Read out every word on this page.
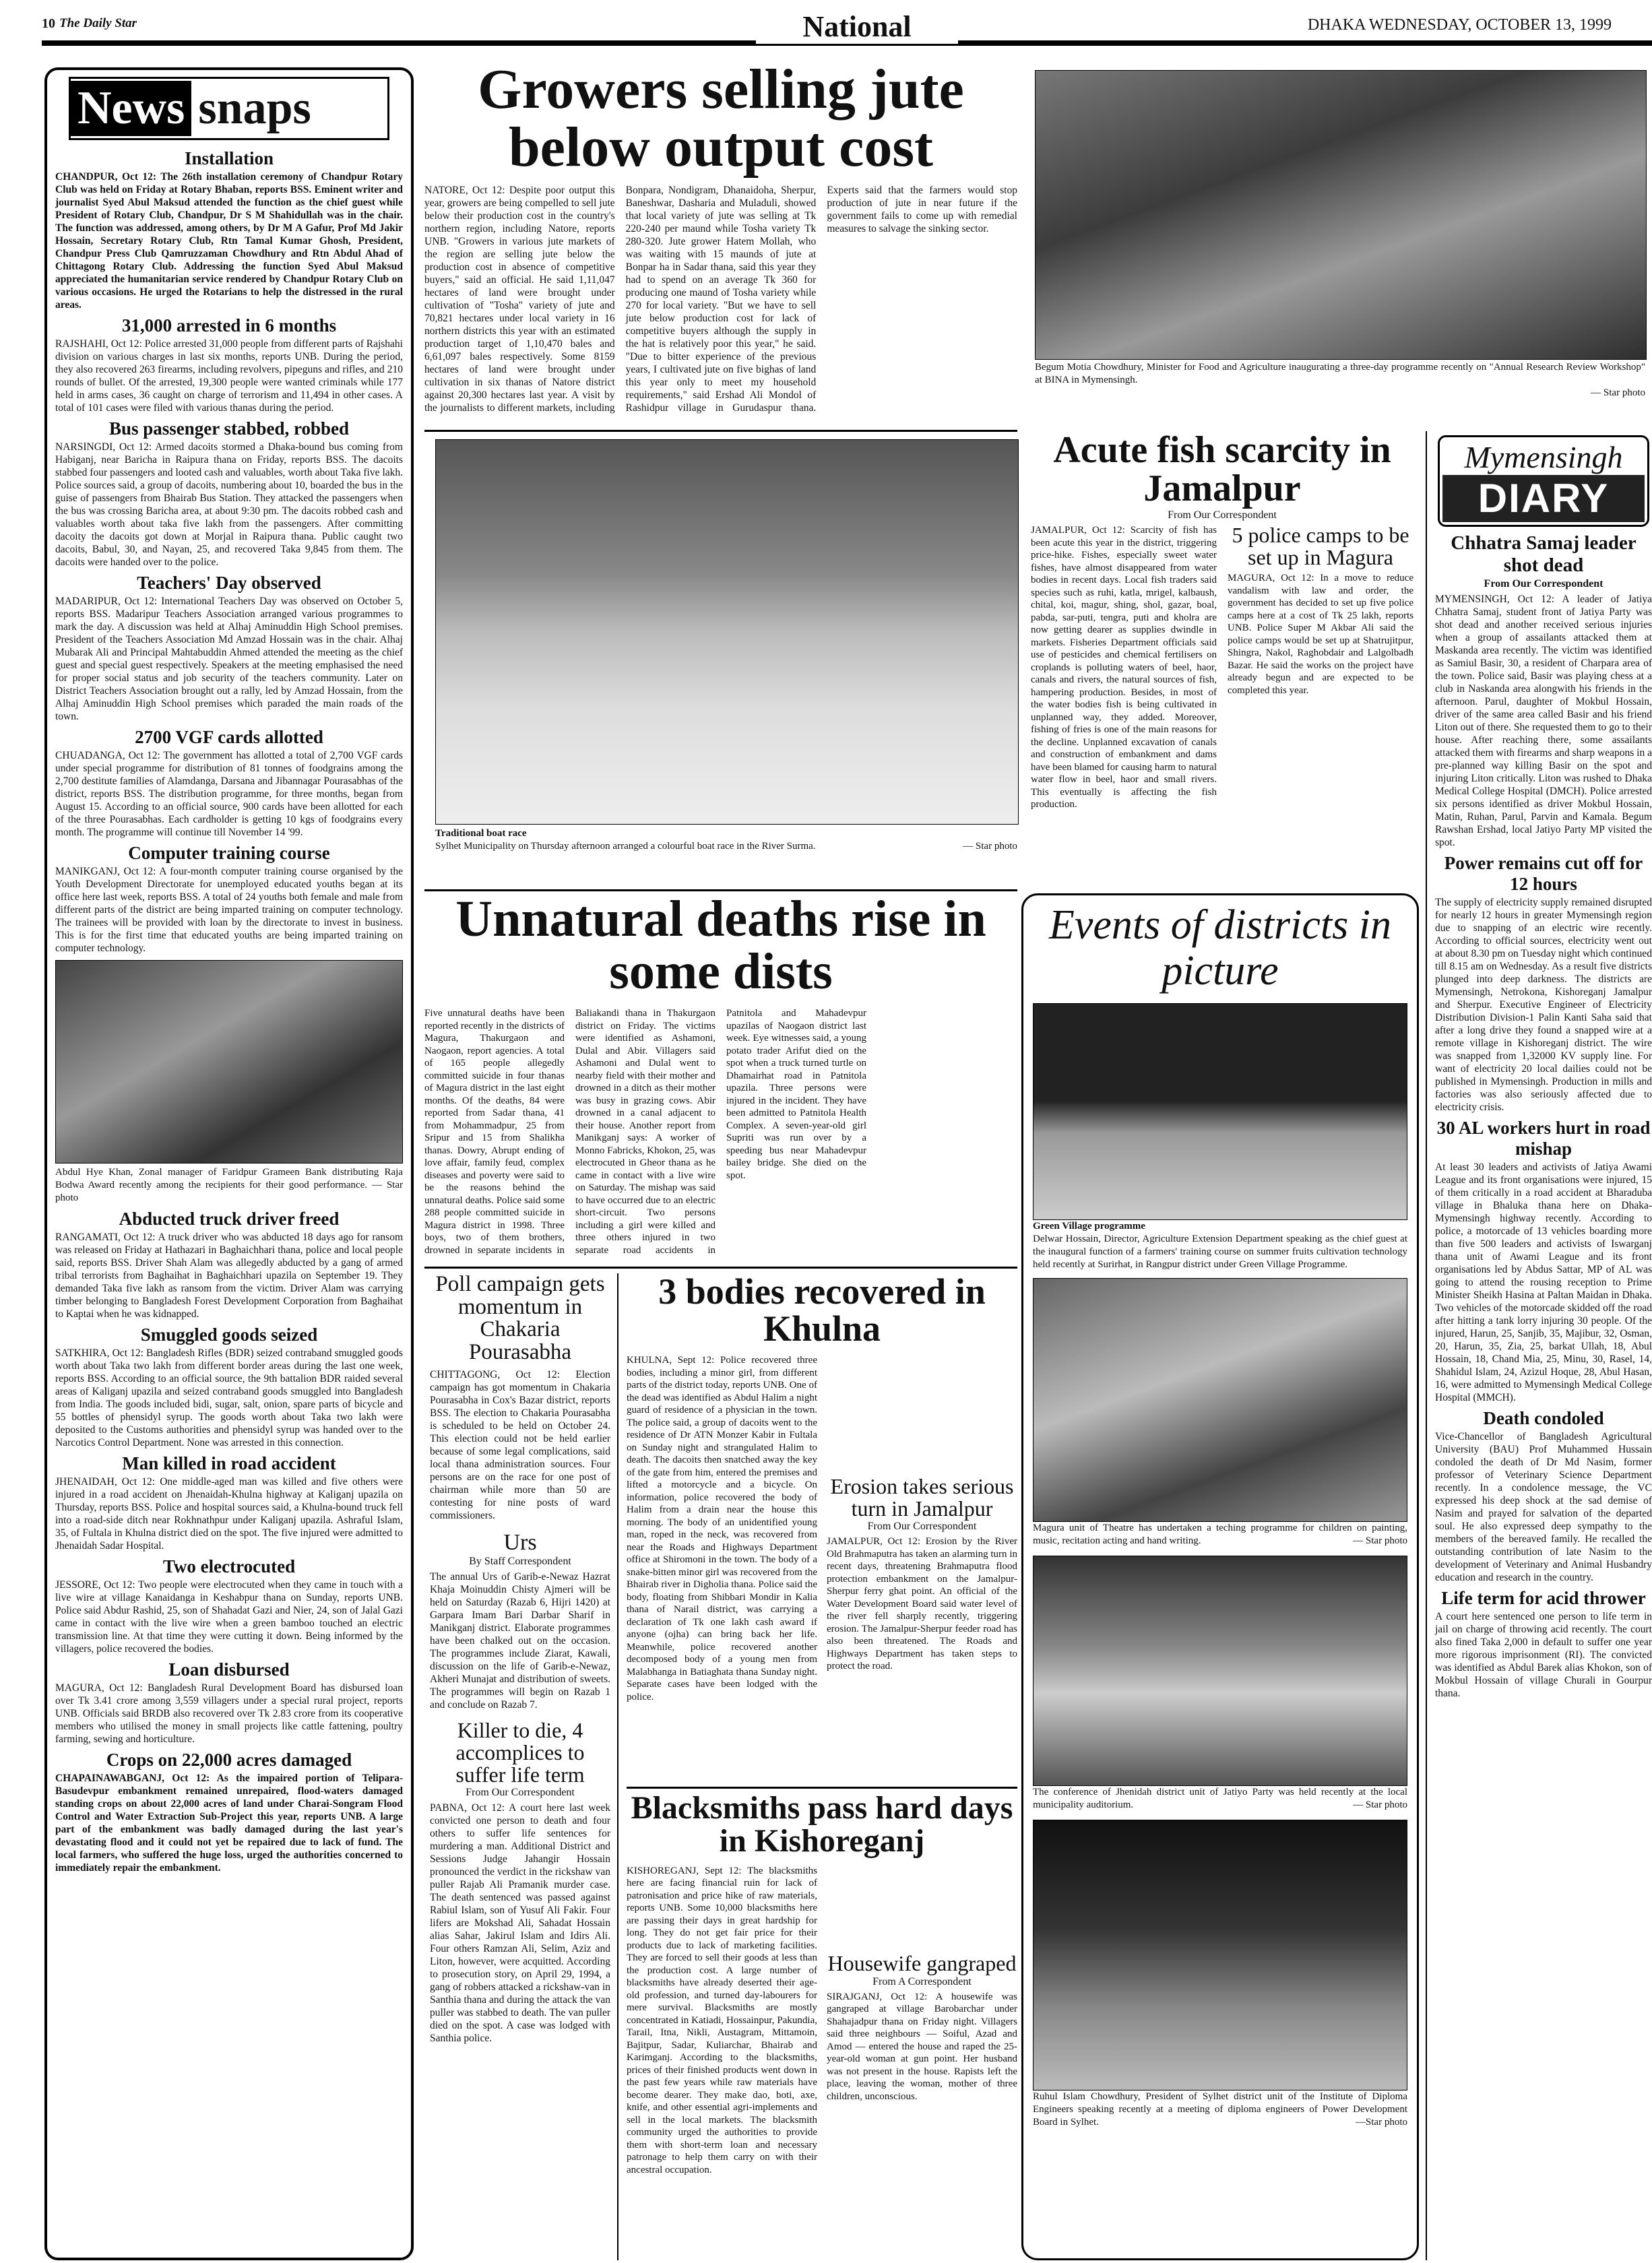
10 The Daily Star	National	DHAKA WEDNESDAY, OCTOBER 13, 1999
News snaps
Installation
CHANDPUR, Oct 12: The 26th installation ceremony of Chandpur Rotary Club was held on Friday at Rotary Bhaban, reports BSS. Eminent writer and journalist Syed Abul Maksud attended the function as the chief guest while President of Rotary Club, Chandpur, Dr S M Shahidullah was in the chair. The function was addressed, among others, by Dr M A Gafur, Prof Md Jakir Hossain, Secretary Rotary Club, Rtn Tamal Kumar Ghosh, President, Chandpur Press Club Qamruzzaman Chowdhury and Rtn Abdul Ahad of Chittagong Rotary Club. Addressing the function Syed Abul Maksud appreciated the humanitarian service rendered by Chandpur Rotary Club on various occasions. He urged the Rotarians to help the distressed in the rural areas.
31,000 arrested in 6 months
RAJSHAHI, Oct 12: Police arrested 31,000 people from different parts of Rajshahi division on various charges in last six months, reports UNB. During the period, they also recovered 263 firearms, including revolvers, pipeguns and rifles, and 210 rounds of bullet. Of the arrested, 19,300 people were wanted criminals while 177 held in arms cases, 36 caught on charge of terrorism and 11,494 in other cases. A total of 101 cases were filed with various thanas during the period.
Bus passenger stabbed, robbed
NARSINGDI, Oct 12: Armed dacoits stormed a Dhaka-bound bus coming from Habiganj, near Baricha in Raipura thana on Friday, reports BSS. The dacoits stabbed four passengers and looted cash and valuables, worth about Taka five lakh. Police sources said, a group of dacoits, numbering about 10, boarded the bus in the guise of passengers from Bhairab Bus Station. They attacked the passengers when the bus was crossing Baricha area, at about 9:30 pm. The dacoits robbed cash and valuables worth about taka five lakh from the passengers. After committing dacoity the dacoits got down at Morjal in Raipura thana. Public caught two dacoits, Babul, 30, and Nayan, 25, and recovered Taka 9,845 from them. The dacoits were handed over to the police.
Teachers' Day observed
MADARIPUR, Oct 12: International Teachers Day was observed on October 5, reports BSS. Madaripur Teachers Association arranged various programmes to mark the day. A discussion was held at Alhaj Aminuddin High School premises. President of the Teachers Association Md Amzad Hossain was in the chair. Alhaj Mubarak Ali and Principal Mahtabuddin Ahmed attended the meeting as the chief guest and special guest respectively. Speakers at the meeting emphasised the need for proper social status and job security of the teachers community. Later on District Teachers Association brought out a rally, led by Amzad Hossain, from the Alhaj Aminuddin High School premises which paraded the main roads of the town.
2700 VGF cards allotted
CHUADANGA, Oct 12: The government has allotted a total of 2,700 VGF cards under special programme for distribution of 81 tonnes of foodgrains among the 2,700 destitute families of Alamdanga, Darsana and Jibannagar Pourasabhas of the district, reports BSS. The distribution programme, for three months, began from August 15. According to an official source, 900 cards have been allotted for each of the three Pourasabhas. Each cardholder is getting 10 kgs of foodgrains every month. The programme will continue till November 14 '99.
Computer training course
MANIKGANJ, Oct 12: A four-month computer training course organised by the Youth Development Directorate for unemployed educated youths began at its office here last week, reports BSS. A total of 24 youths both female and male from different parts of the district are being imparted training on computer technology. The trainees will be provided with loan by the directorate to invest in business. This is for the first time that educated youths are being imparted training on computer technology.
Abdul Hye Khan, Zonal manager of Faridpur Grameen Bank distributing Raja Bodwa Award recently among the recipients for their good performance. — Star photo
Abducted truck driver freed
RANGAMATI, Oct 12: A truck driver who was abducted 18 days ago for ransom was released on Friday at Hathazari in Baghaichhari thana, police and local people said, reports BSS. Driver Shah Alam was allegedly abducted by a gang of armed tribal terrorists from Baghaihat in Baghaichhari upazila on September 19. They demanded Taka five lakh as ransom from the victim. Driver Alam was carrying timber belonging to Bangladesh Forest Development Corporation from Baghaihat to Kaptai when he was kidnapped.
Smuggled goods seized
SATKHIRA, Oct 12: Bangladesh Rifles (BDR) seized contraband smuggled goods worth about Taka two lakh from different border areas during the last one week, reports BSS. According to an official source, the 9th battalion BDR raided several areas of Kaliganj upazila and seized contraband goods smuggled into Bangladesh from India. The goods included bidi, sugar, salt, onion, spare parts of bicycle and 55 bottles of phensidyl syrup. The goods worth about Taka two lakh were deposited to the Customs authorities and phensidyl syrup was handed over to the Narcotics Control Department. None was arrested in this connection.
Man killed in road accident
JHENAIDAH, Oct 12: One middle-aged man was killed and five others were injured in a road accident on Jhenaidah-Khulna highway at Kaliganj upazila on Thursday, reports BSS. Police and hospital sources said, a Khulna-bound truck fell into a road-side ditch near Rokhnathpur under Kaliganj upazila. Ashraful Islam, 35, of Fultala in Khulna district died on the spot. The five injured were admitted to Jhenaidah Sadar Hospital.
Two electrocuted
JESSORE, Oct 12: Two people were electrocuted when they came in touch with a live wire at village Kanaidanga in Keshabpur thana on Sunday, reports UNB. Police said Abdur Rashid, 25, son of Shahadat Gazi and Nier, 24, son of Jalal Gazi came in contact with the live wire when a green bamboo touched an electric transmission line. At that time they were cutting it down. Being informed by the villagers, police recovered the bodies.
Loan disbursed
MAGURA, Oct 12: Bangladesh Rural Development Board has disbursed loan over Tk 3.41 crore among 3,559 villagers under a special rural project, reports UNB. Officials said BRDB also recovered over Tk 2.83 crore from its cooperative members who utilised the money in small projects like cattle fattening, poultry farming, sewing and horticulture.
Crops on 22,000 acres damaged
CHAPAINAWABGANJ, Oct 12: As the impaired portion of Telipara-Basudevpur embankment remained unrepaired, flood-waters damaged standing crops on about 22,000 acres of land under Charai-Songram Flood Control and Water Extraction Sub-Project this year, reports UNB. A large part of the embankment was badly damaged during the last year's devastating flood and it could not yet be repaired due to lack of fund. The local farmers, who suffered the huge loss, urged the authorities concerned to immediately repair the embankment.
Growers selling jute below output cost
NATORE, Oct 12: Despite poor output this year, growers are being compelled to sell jute below their production cost in the country's northern region, including Natore, reports UNB. "Growers in various jute markets of the region are selling jute below the production cost in absence of competitive buyers," said an official. He said 1,11,047 hectares of land were brought under cultivation of "Tosha" variety of jute and 70,821 hectares under local variety in 16 northern districts this year with an estimated production target of 1,10,470 bales and 6,61,097 bales respectively. Some 8159 hectares of land were brought under cultivation in six thanas of Natore district against 20,300 hectares last year. A visit by the journalists to different markets, including Bonpara, Nondigram, Dhanaidoha, Sherpur, Baneshwar, Dasharia and Muladuli, showed that local variety of jute was selling at Tk 220-240 per maund while Tosha variety Tk 280-320. Jute grower Hatem Mollah, who was waiting with 15 maunds of jute at Bonpar ha in Sadar thana, said this year they had to spend on an average Tk 360 for producing one maund of Tosha variety while 270 for local variety. "But we have to sell jute below production cost for lack of competitive buyers although the supply in the hat is relatively poor this year," he said. "Due to bitter experience of the previous years, I cultivated jute on five bighas of land this year only to meet my household requirements," said Ershad Ali Mondol of Rashidpur village in Gurudaspur thana. Experts said that the farmers would stop production of jute in near future if the government fails to come up with remedial measures to salvage the sinking sector.
Begum Motia Chowdhury, Minister for Food and Agriculture inaugurating a three-day programme recently on "Annual Research Review Workshop" at BINA in Mymensingh.
— Star photo
Traditional boat race
Sylhet Municipality on Thursday afternoon arranged a colourful boat race in the River Surma.	— Star photo
Acute fish scarcity in Jamalpur
From Our Correspondent
JAMALPUR, Oct 12: Scarcity of fish has been acute this year in the district, triggering price-hike. Fishes, especially sweet water fishes, have almost disappeared from water bodies in recent days. Local fish traders said species such as ruhi, katla, mrigel, kalbaush, chital, koi, magur, shing, shol, gazar, boal, pabda, sar-puti, tengra, puti and kholra are now getting dearer as supplies dwindle in markets. Fisheries Department officials said use of pesticides and chemical fertilisers on croplands is polluting waters of beel, haor, canals and rivers, the natural sources of fish, hampering production. Besides, in most of the water bodies fish is being cultivated in unplanned way, they added. Moreover, fishing of fries is one of the main reasons for the decline. Unplanned excavation of canals and construction of embankment and dams have been blamed for causing harm to natural water flow in beel, haor and small rivers. This eventually is affecting the fish production.
5 police camps to be set up in Magura
MAGURA, Oct 12: In a move to reduce vandalism with law and order, the government has decided to set up five police camps here at a cost of Tk 25 lakh, reports UNB. Police Super M Akbar Ali said the police camps would be set up at Shatrujitpur, Shingra, Nakol, Raghobdair and Lalgolbadh Bazar. He said the works on the project have already begun and are expected to be completed this year.
Mymensingh
DIARY
Chhatra Samaj leader shot dead
From Our Correspondent
MYMENSINGH, Oct 12: A leader of Jatiya Chhatra Samaj, student front of Jatiya Party was shot dead and another received serious injuries when a group of assailants attacked them at Maskanda area recently. The victim was identified as Samiul Basir, 30, a resident of Charpara area of the town. Police said, Basir was playing chess at a club in Naskanda area alongwith his friends in the afternoon. Parul, daughter of Mokbul Hossain, driver of the same area called Basir and his friend Liton out of there. She requested them to go to their house. After reaching there, some assailants attacked them with firearms and sharp weapons in a pre-planned way killing Basir on the spot and injuring Liton critically. Liton was rushed to Dhaka Medical College Hospital (DMCH). Police arrested six persons identified as driver Mokbul Hossain, Matin, Ruhan, Parul, Parvin and Kamala. Begum Rawshan Ershad, local Jatiyo Party MP visited the spot.
Power remains cut off for 12 hours
The supply of electricity supply remained disrupted for nearly 12 hours in greater Mymensingh region due to snapping of an electric wire recently. According to official sources, electricity went out at about 8.30 pm on Tuesday night which continued till 8.15 am on Wednesday. As a result five districts plunged into deep darkness. The districts are Mymensingh, Netrokona, Kishoreganj Jamalpur and Sherpur. Executive Engineer of Electricity Distribution Division-1 Palin Kanti Saha said that after a long drive they found a snapped wire at a remote village in Kishoreganj district. The wire was snapped from 1,32000 KV supply line. For want of electricity 20 local dailies could not be published in Mymensingh. Production in mills and factories was also seriously affected due to electricity crisis.
30 AL workers hurt in road mishap
At least 30 leaders and activists of Jatiya Awami League and its front organisations were injured, 15 of them critically in a road accident at Bharaduba village in Bhaluka thana here on Dhaka-Mymensingh highway recently. According to police, a motorcade of 13 vehicles boarding more than five 500 leaders and activists of Iswarganj thana unit of Awami League and its front organisations led by Abdus Sattar, MP of AL was going to attend the rousing reception to Prime Minister Sheikh Hasina at Paltan Maidan in Dhaka. Two vehicles of the motorcade skidded off the road after hitting a tank lorry injuring 30 people. Of the injured, Harun, 25, Sanjib, 35, Majibur, 32, Osman, 20, Harun, 35, Zia, 25, barkat Ullah, 18, Abul Hossain, 18, Chand Mia, 25, Minu, 30, Rasel, 14, Shahidul Islam, 24, Azizul Hoque, 28, Abul Hasan, 16, were admitted to Mymensingh Medical College Hospital (MMCH).
Death condoled
Vice-Chancellor of Bangladesh Agricultural University (BAU) Prof Muhammed Hussain condoled the death of Dr Md Nasim, former professor of Veterinary Science Department recently. In a condolence message, the VC expressed his deep shock at the sad demise of Nasim and prayed for salvation of the departed soul. He also expressed deep sympathy to the members of the bereaved family. He recalled the outstanding contribution of late Nasim to the development of Veterinary and Animal Husbandry education and research in the country.
Life term for acid thrower
A court here sentenced one person to life term in jail on charge of throwing acid recently. The court also fined Taka 2,000 in default to suffer one year more rigorous imprisonment (RI). The convicted was identified as Abdul Barek alias Khokon, son of Mokbul Hossain of village Churali in Gourpur thana.
Unnatural deaths rise in some dists
Five unnatural deaths have been reported recently in the districts of Magura, Thakurgaon and Naogaon, report agencies. A total of 165 people allegedly committed suicide in four thanas of Magura district in the last eight months. Of the deaths, 84 were reported from Sadar thana, 41 from Mohammadpur, 25 from Sripur and 15 from Shalikha thanas. Dowry, Abrupt ending of love affair, family feud, complex diseases and poverty were said to be the reasons behind the unnatural deaths. Police said some 288 people committed suicide in Magura district in 1998. Three boys, two of them brothers, drowned in separate incidents in Baliakandi thana in Thakurgaon district on Friday. The victims were identified as Ashamoni, Dulal and Abir. Villagers said Ashamoni and Dulal went to nearby field with their mother and drowned in a ditch as their mother was busy in grazing cows. Abir drowned in a canal adjacent to their house. Another report from Manikganj says: A worker of Monno Fabricks, Khokon, 25, was electrocuted in Gheor thana as he came in contact with a live wire on Saturday. The mishap was said to have occurred due to an electric short-circuit. Two persons including a girl were killed and three others injured in two separate road accidents in Patnitola and Mahadevpur upazilas of Naogaon district last week. Eye witnesses said, a young potato trader Arifut died on the spot when a truck turned turtle on Dhamairhat road in Patnitola upazila. Three persons were injured in the incident. They have been admitted to Patnitola Health Complex. A seven-year-old girl Supriti was run over by a speeding bus near Mahadevpur bailey bridge. She died on the spot.
Events of districts in picture
Green Village programme
Delwar Hossain, Director, Agriculture Extension Department speaking as the chief guest at the inaugural function of a farmers' training course on summer fruits cultivation technology held recently at Surirhat, in Rangpur district under Green Village Programme.
Magura unit of Theatre has undertaken a teching programme for children on painting, music, recitation acting and hand writing.	— Star photo
The conference of Jhenidah district unit of Jatiyo Party was held recently at the local municipality auditorium.	— Star photo
Ruhul Islam Chowdhury, President of Sylhet district unit of the Institute of Diploma Engineers speaking recently at a meeting of diploma engineers of Power Development Board in Sylhet.	—Star photo
Poll campaign gets momentum in Chakaria Pourasabha
CHITTAGONG, Oct 12: Election campaign has got momentum in Chakaria Pourasabha in Cox's Bazar district, reports BSS. The election to Chakaria Pourasabha is scheduled to be held on October 24. This election could not be held earlier because of some legal complications, said local thana administration sources. Four persons are on the race for one post of chairman while more than 50 are contesting for nine posts of ward commissioners.
Urs
By Staff Correspondent
The annual Urs of Garib-e-Newaz Hazrat Khaja Moinuddin Chisty Ajmeri will be held on Saturday (Razab 6, Hijri 1420) at Garpara Imam Bari Darbar Sharif in Manikganj district. Elaborate programmes have been chalked out on the occasion. The programmes include Ziarat, Kawali, discussion on the life of Garib-e-Newaz, Akheri Munajat and distribution of sweets. The programmes will begin on Razab 1 and conclude on Razab 7.
Killer to die, 4 accomplices to suffer life term
From Our Correspondent
PABNA, Oct 12: A court here last week convicted one person to death and four others to suffer life sentences for murdering a man. Additional District and Sessions Judge Jahangir Hossain pronounced the verdict in the rickshaw van puller Rajab Ali Pramanik murder case. The death sentenced was passed against Rabiul Islam, son of Yusuf Ali Fakir. Four lifers are Mokshad Ali, Sahadat Hossain alias Sahar, Jakirul Islam and Idirs Ali. Four others Ramzan Ali, Selim, Aziz and Liton, however, were acquitted. According to prosecution story, on April 29, 1994, a gang of robbers attacked a rickshaw-van in Santhia thana and during the attack the van puller was stabbed to death. The van puller died on the spot. A case was lodged with Santhia police.
3 bodies recovered in Khulna
KHULNA, Sept 12: Police recovered three bodies, including a minor girl, from different parts of the district today, reports UNB. One of the dead was identified as Abdul Halim a night guard of residence of a physician in the town. The police said, a group of dacoits went to the residence of Dr ATN Monzer Kabir in Fultala on Sunday night and strangulated Halim to death. The dacoits then snatched away the key of the gate from him, entered the premises and lifted a motorcycle and a bicycle. On information, police recovered the body of Halim from a drain near the house this morning. The body of an unidentified young man, roped in the neck, was recovered from near the Roads and Highways Department office at Shiromoni in the town. The body of a snake-bitten minor girl was recovered from the Bhairab river in Digholia thana. Police said the body, floating from Shibbari Mondir in Kalia thana of Narail district, was carrying a declaration of Tk one lakh cash award if anyone (ojha) can bring back her life. Meanwhile, police recovered another decomposed body of a young men from Malabhanga in Batiaghata thana Sunday night. Separate cases have been lodged with the police.
Erosion takes serious turn in Jamalpur
From Our Correspondent
JAMALPUR, Oct 12: Erosion by the River Old Brahmaputra has taken an alarming turn in recent days, threatening Brahmaputra flood protection embankment on the Jamalpur-Sherpur ferry ghat point. An official of the Water Development Board said water level of the river fell sharply recently, triggering erosion. The Jamalpur-Sherpur feeder road has also been threatened. The Roads and Highways Department has taken steps to protect the road.
Blacksmiths pass hard days in Kishoreganj
KISHOREGANJ, Sept 12: The blacksmiths here are facing financial ruin for lack of patronisation and price hike of raw materials, reports UNB. Some 10,000 blacksmiths here are passing their days in great hardship for long. They do not get fair price for their products due to lack of marketing facilities. They are forced to sell their goods at less than the production cost. A large number of blacksmiths have already deserted their age-old profession, and turned day-labourers for mere survival. Blacksmiths are mostly concentrated in Katiadi, Hossainpur, Pakundia, Tarail, Itna, Nikli, Austagram, Mittamoin, Bajitpur, Sadar, Kuliarchar, Bhairab and Karimganj. According to the blacksmiths, prices of their finished products went down in the past few years while raw materials have become dearer. They make dao, boti, axe, knife, and other essential agri-implements and sell in the local markets. The blacksmith community urged the authorities to provide them with short-term loan and necessary patronage to help them carry on with their ancestral occupation.
Housewife gangraped
From A Correspondent
SIRAJGANJ, Oct 12: A housewife was gangraped at village Barobarchar under Shahajadpur thana on Friday night. Villagers said three neighbours — Soiful, Azad and Amod — entered the house and raped the 25-year-old woman at gun point. Her husband was not present in the house. Rapists left the place, leaving the woman, mother of three children, unconscious.
